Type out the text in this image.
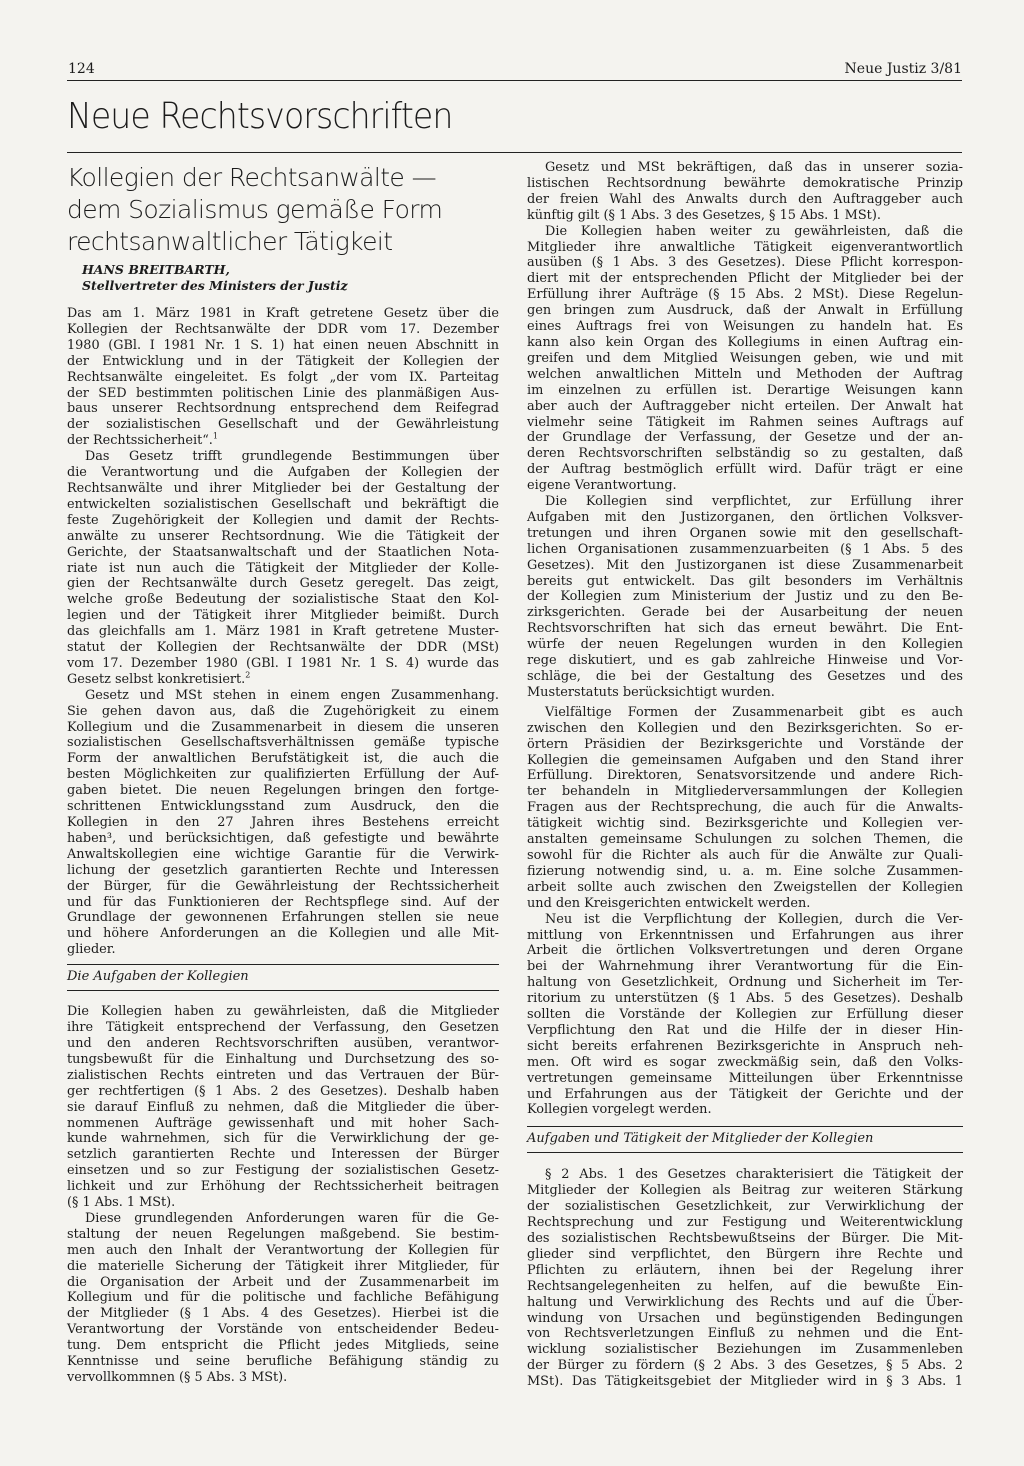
124	Neue Justiz 3/81
Neue Rechtsvorschriften
Kollegien der Rechtsanwälte —
dem Sozialismus gemäße Form
rechtsanwaltlicher Tätigkeit
HANS BREITBARTH,
Stellvertreter des Ministers der Justiz
Das am 1. März 1981 in Kraft getretene Gesetz über die
Kollegien der Rechtsanwälte der DDR vom 17. Dezember
1980 (GBl. I 1981 Nr. 1 S. 1) hat einen neuen Abschnitt in
der Entwicklung und in der Tätigkeit der Kollegien der
Rechtsanwälte eingeleitet. Es folgt „der vom IX. Parteitag
der SED bestimmten politischen Linie des planmäßigen Aus-
baus unserer Rechtsordnung entsprechend dem Reifegrad
der sozialistischen Gesellschaft und der Gewährleistung
der Rechtssicherheit“.$^1$
Das Gesetz trifft grundlegende Bestimmungen über
die Verantwortung und die Aufgaben der Kollegien der
Rechtsanwälte und ihrer Mitglieder bei der Gestaltung der
entwickelten sozialistischen Gesellschaft und bekräftigt die
feste Zugehörigkeit der Kollegien und damit der Rechts-
anwälte zu unserer Rechtsordnung. Wie die Tätigkeit der
Gerichte, der Staatsanwaltschaft und der Staatlichen Nota-
riate ist nun auch die Tätigkeit der Mitglieder der Kolle-
gien der Rechtsanwälte durch Gesetz geregelt. Das zeigt,
welche große Bedeutung der sozialistische Staat den Kol-
legien und der Tätigkeit ihrer Mitglieder beimißt. Durch
das gleichfalls am 1. März 1981 in Kraft getretene Muster-
statut der Kollegien der Rechtsanwälte der DDR (MSt)
vom 17. Dezember 1980 (GBl. I 1981 Nr. 1 S. 4) wurde das
Gesetz selbst konkretisiert.$^2$
Gesetz und MSt stehen in einem engen Zusammenhang.
Sie gehen davon aus, daß die Zugehörigkeit zu einem
Kollegium und die Zusammenarbeit in diesem die unseren
sozialistischen Gesellschaftsverhältnissen gemäße typische
Form der anwaltlichen Berufstätigkeit ist, die auch die
besten Möglichkeiten zur qualifizierten Erfüllung der Auf-
gaben bietet. Die neuen Regelungen bringen den fortge-
schrittenen Entwicklungsstand zum Ausdruck, den die
Kollegien in den 27 Jahren ihres Bestehens erreicht
haben³, und berücksichtigen, daß gefestigte und bewährte
Anwaltskollegien eine wichtige Garantie für die Verwirk-
lichung der gesetzlich garantierten Rechte und Interessen
der Bürger, für die Gewährleistung der Rechtssicherheit
und für das Funktionieren der Rechtspflege sind. Auf der
Grundlage der gewonnenen Erfahrungen stellen sie neue
und höhere Anforderungen an die Kollegien und alle Mit-
glieder.
Die Aufgaben der Kollegien
Die Kollegien haben zu gewährleisten, daß die Mitglieder
ihre Tätigkeit entsprechend der Verfassung, den Gesetzen
und den anderen Rechtsvorschriften ausüben, verantwor-
tungsbewußt für die Einhaltung und Durchsetzung des so-
zialistischen Rechts eintreten und das Vertrauen der Bür-
ger rechtfertigen (§ 1 Abs. 2 des Gesetzes). Deshalb haben
sie darauf Einfluß zu nehmen, daß die Mitglieder die über-
nommenen Aufträge gewissenhaft und mit hoher Sach-
kunde wahrnehmen, sich für die Verwirklichung der ge-
setzlich garantierten Rechte und Interessen der Bürger
einsetzen und so zur Festigung der sozialistischen Gesetz-
lichkeit und zur Erhöhung der Rechtssicherheit beitragen
(§ 1 Abs. 1 MSt).
Diese grundlegenden Anforderungen waren für die Ge-
staltung der neuen Regelungen maßgebend. Sie bestim-
men auch den Inhalt der Verantwortung der Kollegien für
die materielle Sicherung der Tätigkeit ihrer Mitglieder, für
die Organisation der Arbeit und der Zusammenarbeit im
Kollegium und für die politische und fachliche Befähigung
der Mitglieder (§ 1 Abs. 4 des Gesetzes). Hierbei ist die
Verantwortung der Vorstände von entscheidender Bedeu-
tung. Dem entspricht die Pflicht jedes Mitglieds, seine
Kenntnisse und seine berufliche Befähigung ständig zu
vervollkommnen (§ 5 Abs. 3 MSt).
Gesetz und MSt bekräftigen, daß das in unserer sozia-
listischen Rechtsordnung bewährte demokratische Prinzip
der freien Wahl des Anwalts durch den Auftraggeber auch
künftig gilt (§ 1 Abs. 3 des Gesetzes, § 15 Abs. 1 MSt).
Die Kollegien haben weiter zu gewährleisten, daß die
Mitglieder ihre anwaltliche Tätigkeit eigenverantwortlich
ausüben (§ 1 Abs. 3 des Gesetzes). Diese Pflicht korrespon-
diert mit der entsprechenden Pflicht der Mitglieder bei der
Erfüllung ihrer Aufträge (§ 15 Abs. 2 MSt). Diese Regelun-
gen bringen zum Ausdruck, daß der Anwalt in Erfüllung
eines Auftrags frei von Weisungen zu handeln hat. Es
kann also kein Organ des Kollegiums in einen Auftrag ein-
greifen und dem Mitglied Weisungen geben, wie und mit
welchen anwaltlichen Mitteln und Methoden der Auftrag
im einzelnen zu erfüllen ist. Derartige Weisungen kann
aber auch der Auftraggeber nicht erteilen. Der Anwalt hat
vielmehr seine Tätigkeit im Rahmen seines Auftrags auf
der Grundlage der Verfassung, der Gesetze und der an-
deren Rechtsvorschriften selbständig so zu gestalten, daß
der Auftrag bestmöglich erfüllt wird. Dafür trägt er eine
eigene Verantwortung.
Die Kollegien sind verpflichtet, zur Erfüllung ihrer
Aufgaben mit den Justizorganen, den örtlichen Volksver-
tretungen und ihren Organen sowie mit den gesellschaft-
lichen Organisationen zusammenzuarbeiten (§ 1 Abs. 5 des
Gesetzes). Mit den Justizorganen ist diese Zusammenarbeit
bereits gut entwickelt. Das gilt besonders im Verhältnis
der Kollegien zum Ministerium der Justiz und zu den Be-
zirksgerichten. Gerade bei der Ausarbeitung der neuen
Rechtsvorschriften hat sich das erneut bewährt. Die Ent-
würfe der neuen Regelungen wurden in den Kollegien
rege diskutiert, und es gab zahlreiche Hinweise und Vor-
schläge, die bei der Gestaltung des Gesetzes und des
Musterstatuts berücksichtigt wurden.
Vielfältige Formen der Zusammenarbeit gibt es auch
zwischen den Kollegien und den Bezirksgerichten. So er-
örtern Präsidien der Bezirksgerichte und Vorstände der
Kollegien die gemeinsamen Aufgaben und den Stand ihrer
Erfüllung. Direktoren, Senatsvorsitzende und andere Rich-
ter behandeln in Mitgliederversammlungen der Kollegien
Fragen aus der Rechtsprechung, die auch für die Anwalts-
tätigkeit wichtig sind. Bezirksgerichte und Kollegien ver-
anstalten gemeinsame Schulungen zu solchen Themen, die
sowohl für die Richter als auch für die Anwälte zur Quali-
fizierung notwendig sind, u. a. m. Eine solche Zusammen-
arbeit sollte auch zwischen den Zweigstellen der Kollegien
und den Kreisgerichten entwickelt werden.
Neu ist die Verpflichtung der Kollegien, durch die Ver-
mittlung von Erkenntnissen und Erfahrungen aus ihrer
Arbeit die örtlichen Volksvertretungen und deren Organe
bei der Wahrnehmung ihrer Verantwortung für die Ein-
haltung von Gesetzlichkeit, Ordnung und Sicherheit im Ter-
ritorium zu unterstützen (§ 1 Abs. 5 des Gesetzes). Deshalb
sollten die Vorstände der Kollegien zur Erfüllung dieser
Verpflichtung den Rat und die Hilfe der in dieser Hin-
sicht bereits erfahrenen Bezirksgerichte in Anspruch neh-
men. Oft wird es sogar zweckmäßig sein, daß den Volks-
vertretungen gemeinsame Mitteilungen über Erkenntnisse
und Erfahrungen aus der Tätigkeit der Gerichte und der
Kollegien vorgelegt werden.
Aufgaben und Tätigkeit der Mitglieder der Kollegien
§ 2 Abs. 1 des Gesetzes charakterisiert die Tätigkeit der
Mitglieder der Kollegien als Beitrag zur weiteren Stärkung
der sozialistischen Gesetzlichkeit, zur Verwirklichung der
Rechtsprechung und zur Festigung und Weiterentwicklung
des sozialistischen Rechtsbewußtseins der Bürger. Die Mit-
glieder sind verpflichtet, den Bürgern ihre Rechte und
Pflichten zu erläutern, ihnen bei der Regelung ihrer
Rechtsangelegenheiten zu helfen, auf die bewußte Ein-
haltung und Verwirklichung des Rechts und auf die Über-
windung von Ursachen und begünstigenden Bedingungen
von Rechtsverletzungen Einfluß zu nehmen und die Ent-
wicklung sozialistischer Beziehungen im Zusammenleben
der Bürger zu fördern (§ 2 Abs. 3 des Gesetzes, § 5 Abs. 2
MSt). Das Tätigkeitsgebiet der Mitglieder wird in § 3 Abs. 1
